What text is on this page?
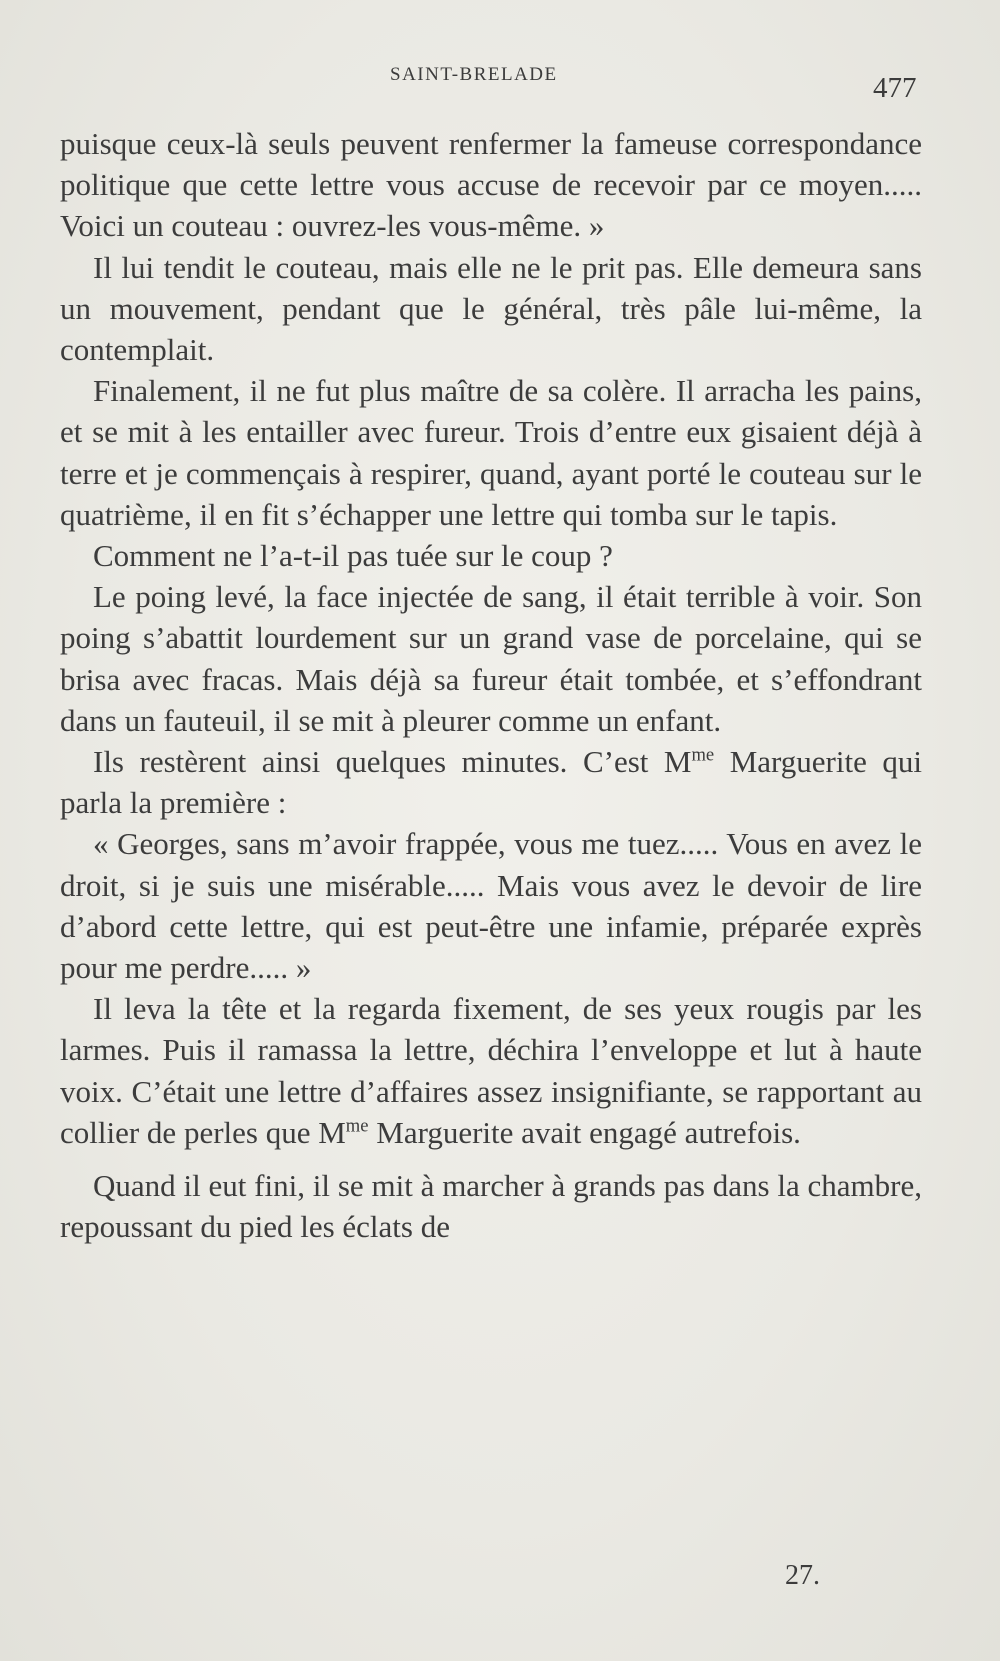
SAINT-BRELADE	477

puisque ceux-là seuls peuvent renfermer la fameuse correspondance politique que cette lettre vous accuse de recevoir par ce moyen..... Voici un couteau : ouvrez-les vous-même. »

Il lui tendit le couteau, mais elle ne le prit pas. Elle demeura sans un mouvement, pendant que le général, très pâle lui-même, la contemplait.

Finalement, il ne fut plus maître de sa colère. Il arracha les pains, et se mit à les entailler avec fureur. Trois d’entre eux gisaient déjà à terre et je commençais à respirer, quand, ayant porté le couteau sur le quatrième, il en fit s’échapper une lettre qui tomba sur le tapis.

Comment ne l’a-t-il pas tuée sur le coup ?

Le poing levé, la face injectée de sang, il était terrible à voir. Son poing s’abattit lourdement sur un grand vase de porcelaine, qui se brisa avec fracas. Mais déjà sa fureur était tombée, et s’effondrant dans un fauteuil, il se mit à pleurer comme un enfant.

Ils restèrent ainsi quelques minutes. C’est $M^{me}$ Marguerite qui parla la première :

« Georges, sans m’avoir frappée, vous me tuez..... Vous en avez le droit, si je suis une misérable..... Mais vous avez le devoir de lire d’abord cette lettre, qui est peut-être une infamie, préparée exprès pour me perdre..... »

Il leva la tête et la regarda fixement, de ses yeux rougis par les larmes. Puis il ramassa la lettre, déchira l’enveloppe et lut à haute voix. C’était une lettre d’affaires assez insignifiante, se rapportant au collier de perles que $M^{me}$ Marguerite avait engagé autrefois.

Quand il eut fini, il se mit à marcher à grands pas dans la chambre, repoussant du pied les éclats de

27.
